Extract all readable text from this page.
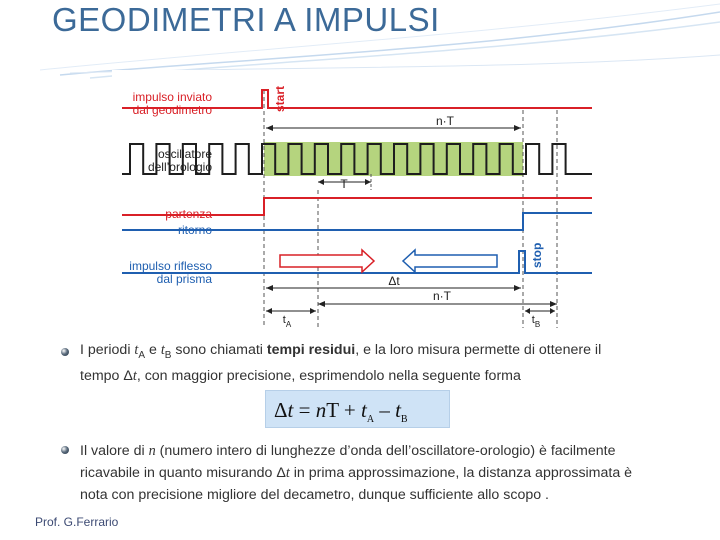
GEODIMETRI A IMPULSI
impulso inviato
dal geodimetro	start
n·T
oscillatore
dell’orologio
T
partenza
ritorno
impulso riflesso
dal prisma
stop
Δt
n·T
$t_A$	$t_B$
I periodi $t_A$ e $t_B$ sono chiamati tempi residui, e la loro misura permette di ottenere il
tempo Δt, con maggior precisione, esprimendolo nella seguente forma
Δt = nT + $t_A - t_B$
Il valore di n (numero intero di lunghezze d’onda dell’oscillatore-orologio) è facilmente
ricavabile in quanto misurando Δt in prima approssimazione, la distanza approssimata è
nota con precisione migliore del decametro, dunque sufficiente allo scopo .
Prof. G.Ferrario
